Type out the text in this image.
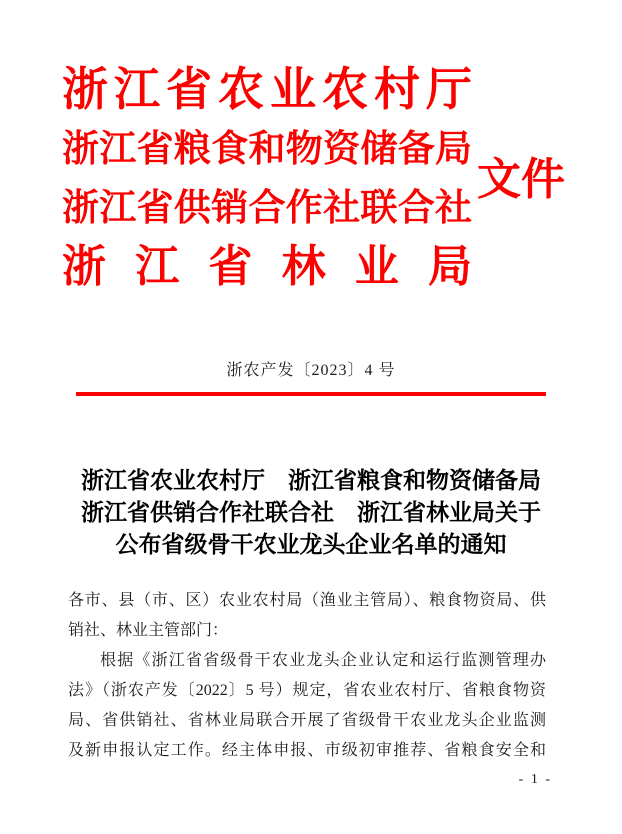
浙江省农业农村厅
浙江省粮食和物资储备局
浙江省供销合作社联合社
浙江省林业局
文件
浙农产发〔2023〕4 号
浙江省农业农村厅　浙江省粮食和物资储备局
浙江省供销合作社联合社　浙江省林业局关于
公布省级骨干农业龙头企业名单的通知
各市、县（市、区）农业农村局（渔业主管局）、粮食物资局、供
销社、林业主管部门：
根据《浙江省省级骨干农业龙头企业认定和运行监测管理办
法》（浙农产发〔2022〕5 号）规定，省农业农村厅、省粮食物资
局、省供销社、省林业局联合开展了省级骨干农业龙头企业监测
及新申报认定工作。经主体申报、市级初审推荐、省粮食安全和
- 1 -
